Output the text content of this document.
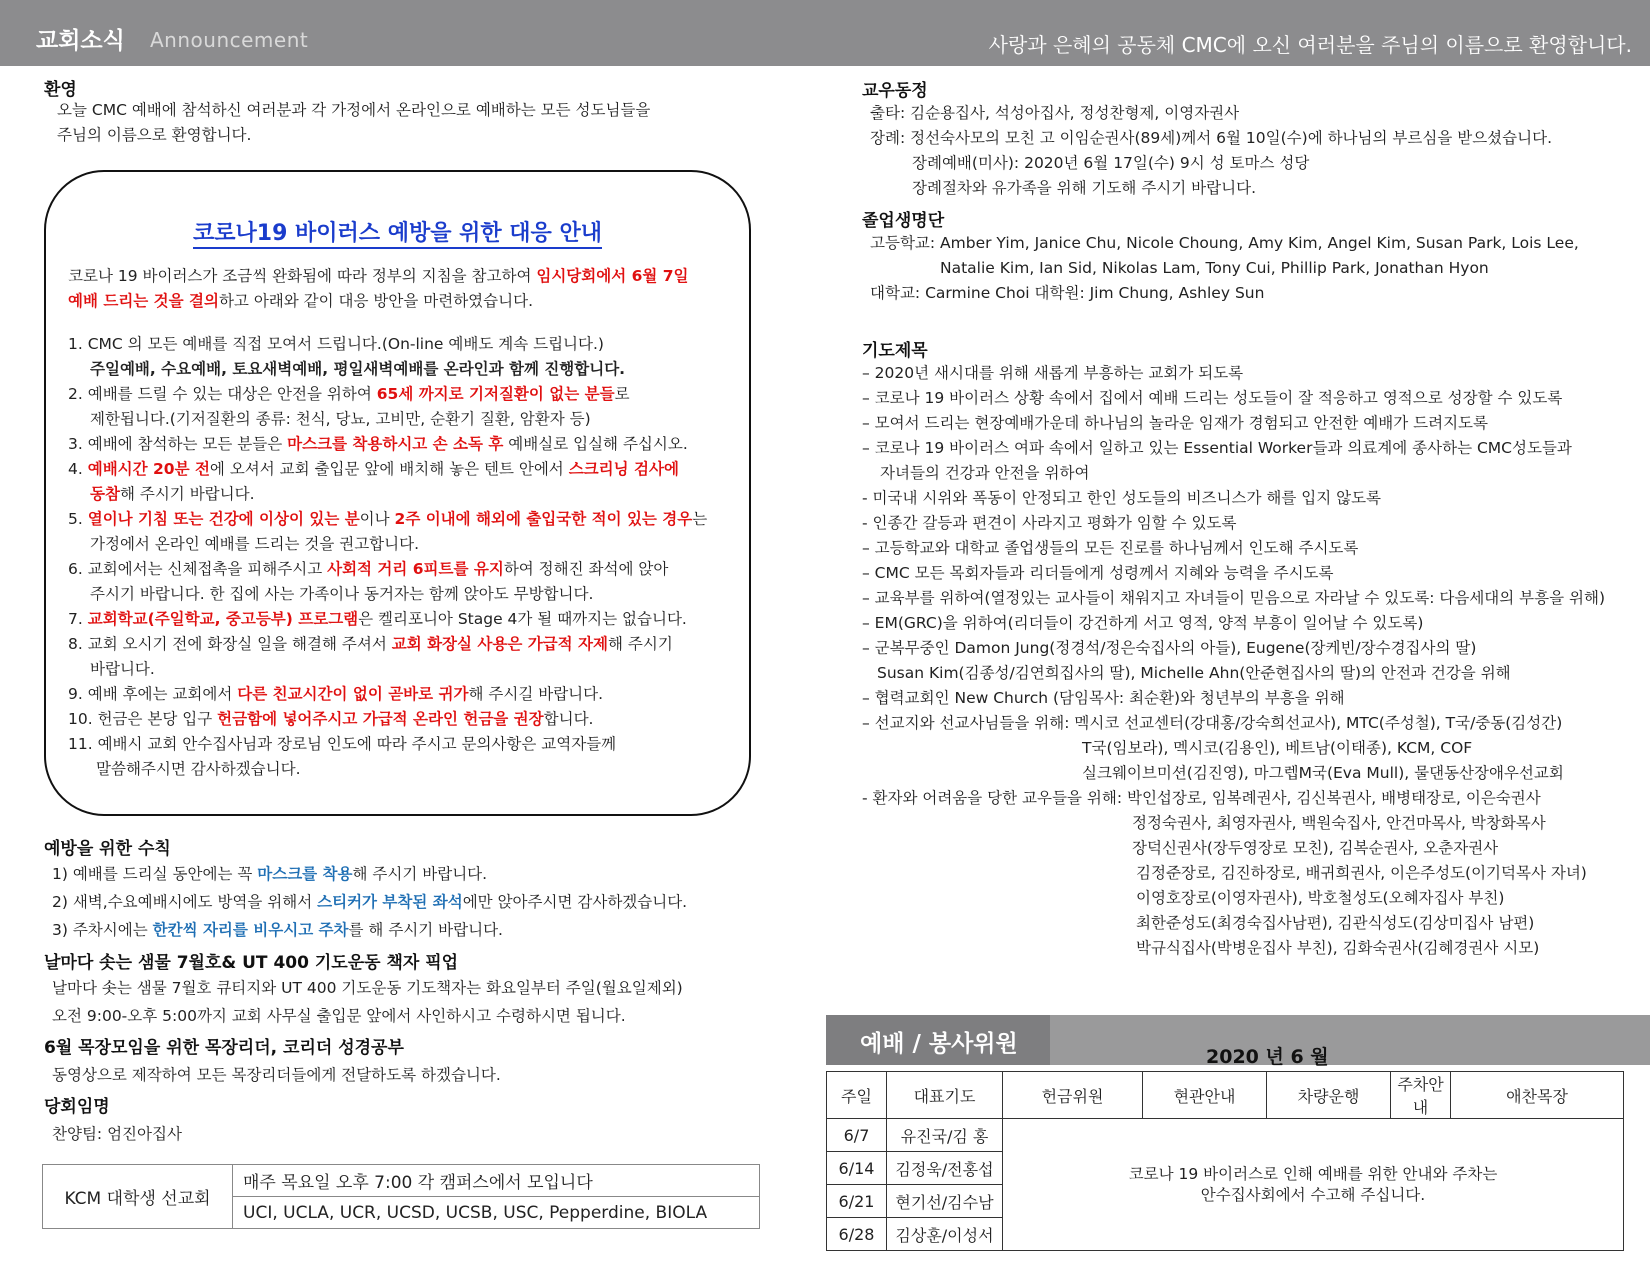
교회소식 Announcement	사랑과 은혜의 공동체 CMC에 오신 여러분을 주님의 이름으로 환영합니다.
환영
오늘 CMC 예배에 참석하신 여러분과 각 가정에서 온라인으로 예배하는 모든 성도님들을
주님의 이름으로 환영합니다.
코로나19 바이러스 예방을 위한 대응 안내
코로나 19 바이러스가 조금씩 완화됨에 따라 정부의 지침을 참고하여 임시당회에서 6월 7일
예배 드리는 것을 결의하고 아래와 같이 대응 방안을 마련하였습니다.
1. CMC 의 모든 예배를 직접 모여서 드립니다.(On-line 예배도 계속 드립니다.)
주일예배, 수요예배, 토요새벽예배, 평일새벽예배를 온라인과 함께 진행합니다.
2. 예배를 드릴 수 있는 대상은 안전을 위하여 65세 까지로 기저질환이 없는 분들로
제한됩니다.(기저질환의 종류: 천식, 당뇨, 고비만, 순환기 질환, 암환자 등)
3. 예배에 참석하는 모든 분들은 마스크를 착용하시고 손 소독 후 예배실로 입실해 주십시오.
4. 예배시간 20분 전에 오셔서 교회 출입문 앞에 배치해 놓은 텐트 안에서 스크리닝 검사에
동참해 주시기 바랍니다.
5. 열이나 기침 또는 건강에 이상이 있는 분이나 2주 이내에 해외에 출입국한 적이 있는 경우는
가정에서 온라인 예배를 드리는 것을 권고합니다.
6. 교회에서는 신체접촉을 피해주시고 사회적 거리 6피트를 유지하여 정해진 좌석에 앉아
주시기 바랍니다. 한 집에 사는 가족이나 동거자는 함께 앉아도 무방합니다.
7. 교회학교(주일학교, 중고등부) 프로그램은 켈리포니아 Stage 4가 될 때까지는 없습니다.
8. 교회 오시기 전에 화장실 일을 해결해 주셔서 교회 화장실 사용은 가급적 자제해 주시기
바랍니다.
9. 예배 후에는 교회에서 다른 친교시간이 없이 곧바로 귀가해 주시길 바랍니다.
10. 헌금은 본당 입구 헌금함에 넣어주시고 가급적 온라인 헌금을 권장합니다.
11. 예배시 교회 안수집사님과 장로님 인도에 따라 주시고 문의사항은 교역자들께
말씀해주시면 감사하겠습니다.
예방을 위한 수칙
1) 예배를 드리실 동안에는 꼭 마스크를 착용해 주시기 바랍니다.
2) 새벽,수요예배시에도 방역을 위해서 스티커가 부착된 좌석에만 앉아주시면 감사하겠습니다.
3) 주차시에는 한칸씩 자리를 비우시고 주차를 해 주시기 바랍니다.
날마다 솟는 샘물 7월호& UT 400 기도운동 책자 픽업
날마다 솟는 샘물 7월호 큐티지와 UT 400 기도운동 기도책자는 화요일부터 주일(월요일제외)
오전 9:00-오후 5:00까지 교회 사무실 출입문 앞에서 사인하시고 수령하시면 됩니다.
6월 목장모임을 위한 목장리더, 코리더 성경공부
동영상으로 제작하여 모든 목장리더들에게 전달하도록 하겠습니다.
당회임명
찬양팀: 엄진아집사
KCM 대학생 선교회	매주 목요일 오후 7:00 각 캠퍼스에서 모입니다
UCI, UCLA, UCR, UCSD, UCSB, USC, Pepperdine, BIOLA
교우동정
출타: 김순용집사, 석성아집사, 정성찬형제, 이영자권사
장례: 정선숙사모의 모친 고 이임순권사(89세)께서 6월 10일(수)에 하나님의 부르심을 받으셨습니다.
장례예배(미사): 2020년 6월 17일(수) 9시 성 토마스 성당
장례절차와 유가족을 위해 기도해 주시기 바랍니다.
졸업생명단
고등학교: Amber Yim, Janice Chu, Nicole Choung, Amy Kim, Angel Kim, Susan Park, Lois Lee,
Natalie Kim, Ian Sid, Nikolas Lam, Tony Cui, Phillip Park, Jonathan Hyon
대학교: Carmine Choi 대학원: Jim Chung, Ashley Sun
기도제목
– 2020년 새시대를 위해 새롭게 부흥하는 교회가 되도록
– 코로나 19 바이러스 상황 속에서 집에서 예배 드리는 성도들이 잘 적응하고 영적으로 성장할 수 있도록
– 모여서 드리는 현장예배가운데 하나님의 놀라운 임재가 경험되고 안전한 예배가 드려지도록
– 코로나 19 바이러스 여파 속에서 일하고 있는 Essential Worker들과 의료계에 종사하는 CMC성도들과
자녀들의 건강과 안전을 위하여
- 미국내 시위와 폭동이 안정되고 한인 성도들의 비즈니스가 해를 입지 않도록
- 인종간 갈등과 편견이 사라지고 평화가 임할 수 있도록
– 고등학교와 대학교 졸업생들의 모든 진로를 하나님께서 인도해 주시도록
– CMC 모든 목회자들과 리더들에게 성령께서 지혜와 능력을 주시도록
– 교육부를 위하여(열정있는 교사들이 채워지고 자녀들이 믿음으로 자라날 수 있도록: 다음세대의 부흥을 위해)
– EM(GRC)을 위하여(리더들이 강건하게 서고 영적, 양적 부흥이 일어날 수 있도록)
– 군복무중인 Damon Jung(정경석/정은숙집사의 아들), Eugene(장케빈/장수경집사의 딸)
Susan Kim(김종성/김연희집사의 딸), Michelle Ahn(안준현집사의 딸)의 안전과 건강을 위해
– 협력교회인 New Church (담임목사: 최순환)와 청년부의 부흥을 위해
– 선교지와 선교사님들을 위해: 멕시코 선교센터(강대홍/강숙희선교사), MTC(주성철), T국/중동(김성간)
T국(임보라), 멕시코(김용인), 베트남(이태종), KCM, COF
실크웨이브미션(김진영), 마그렙M국(Eva Mull), 물댄동산장애우선교회
- 환자와 어려움을 당한 교우들을 위해: 박인섭장로, 임복례권사, 김신복권사, 배병태장로, 이은숙권사
정정숙권사, 최영자권사, 백원숙집사, 안건마목사, 박창화목사
장덕신권사(장두영장로 모친), 김복순권사, 오춘자권사
김정준장로, 김진하장로, 배귀희권사, 이은주성도(이기덕목사 자녀)
이영호장로(이영자권사), 박호철성도(오혜자집사 부친)
최한준성도(최경숙집사남편), 김관식성도(김상미집사 남편)
박규식집사(박병운집사 부친), 김화숙권사(김혜경권사 시모)
예배 / 봉사위원	2020 년 6 월
주일	대표기도	헌금위원	현관안내	차량운행	주차안내	애찬목장
6/7	유진국/김 홍	코로나 19 바이러스로 인해 예배를 위한 안내와 주차는
안수집사회에서 수고해 주십니다.				

6/14	김정욱/전홍섭					
6/21	현기선/김수남					
6/28	김상훈/이성서					
